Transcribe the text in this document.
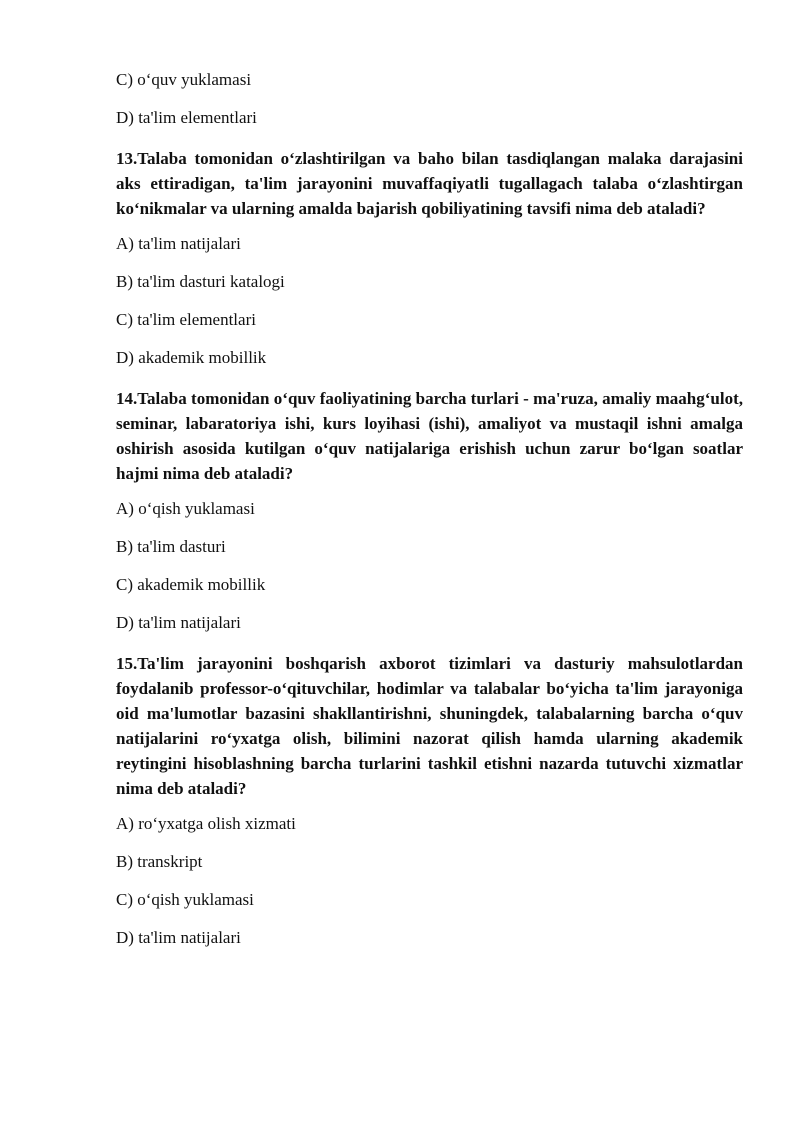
C) o‘quv yuklamasi

D) ta'lim elementlari

13.Talaba tomonidan o‘zlashtirilgan va baho bilan tasdiqlangan malaka darajasini aks ettiradigan, ta'lim jarayonini muvaffaqiyatli tugallagach talaba o‘zlashtirgan ko‘nikmalar va ularning amalda bajarish qobiliyatining tavsifi nima deb ataladi?

A) ta'lim natijalari

B) ta'lim dasturi katalogi

C) ta'lim elementlari

D) akademik mobillik

14.Talaba tomonidan o‘quv faoliyatining barcha turlari - ma'ruza, amaliy maahg‘ulot, seminar, labaratoriya ishi, kurs loyihasi (ishi), amaliyot va mustaqil ishni amalga oshirish asosida kutilgan o‘quv natijalariga erishish uchun zarur bo‘lgan soatlar hajmi nima deb ataladi?

A) o‘qish yuklamasi

B) ta'lim dasturi

C) akademik mobillik

D) ta'lim natijalari

15.Ta'lim jarayonini boshqarish axborot tizimlari va dasturiy mahsulotlardan foydalanib professor-o‘qituvchilar, hodimlar va talabalar bo‘yicha ta'lim jarayoniga oid ma'lumotlar bazasini shakllantirishni, shuningdek, talabalarning barcha o‘quv natijalarini ro‘yxatga olish, bilimini nazorat qilish hamda ularning akademik reytingini hisoblashning barcha turlarini tashkil etishni nazarda tutuvchi xizmatlar nima deb ataladi?

A) ro‘yxatga olish xizmati

B) transkript

C) o‘qish yuklamasi

D) ta'lim natijalari
